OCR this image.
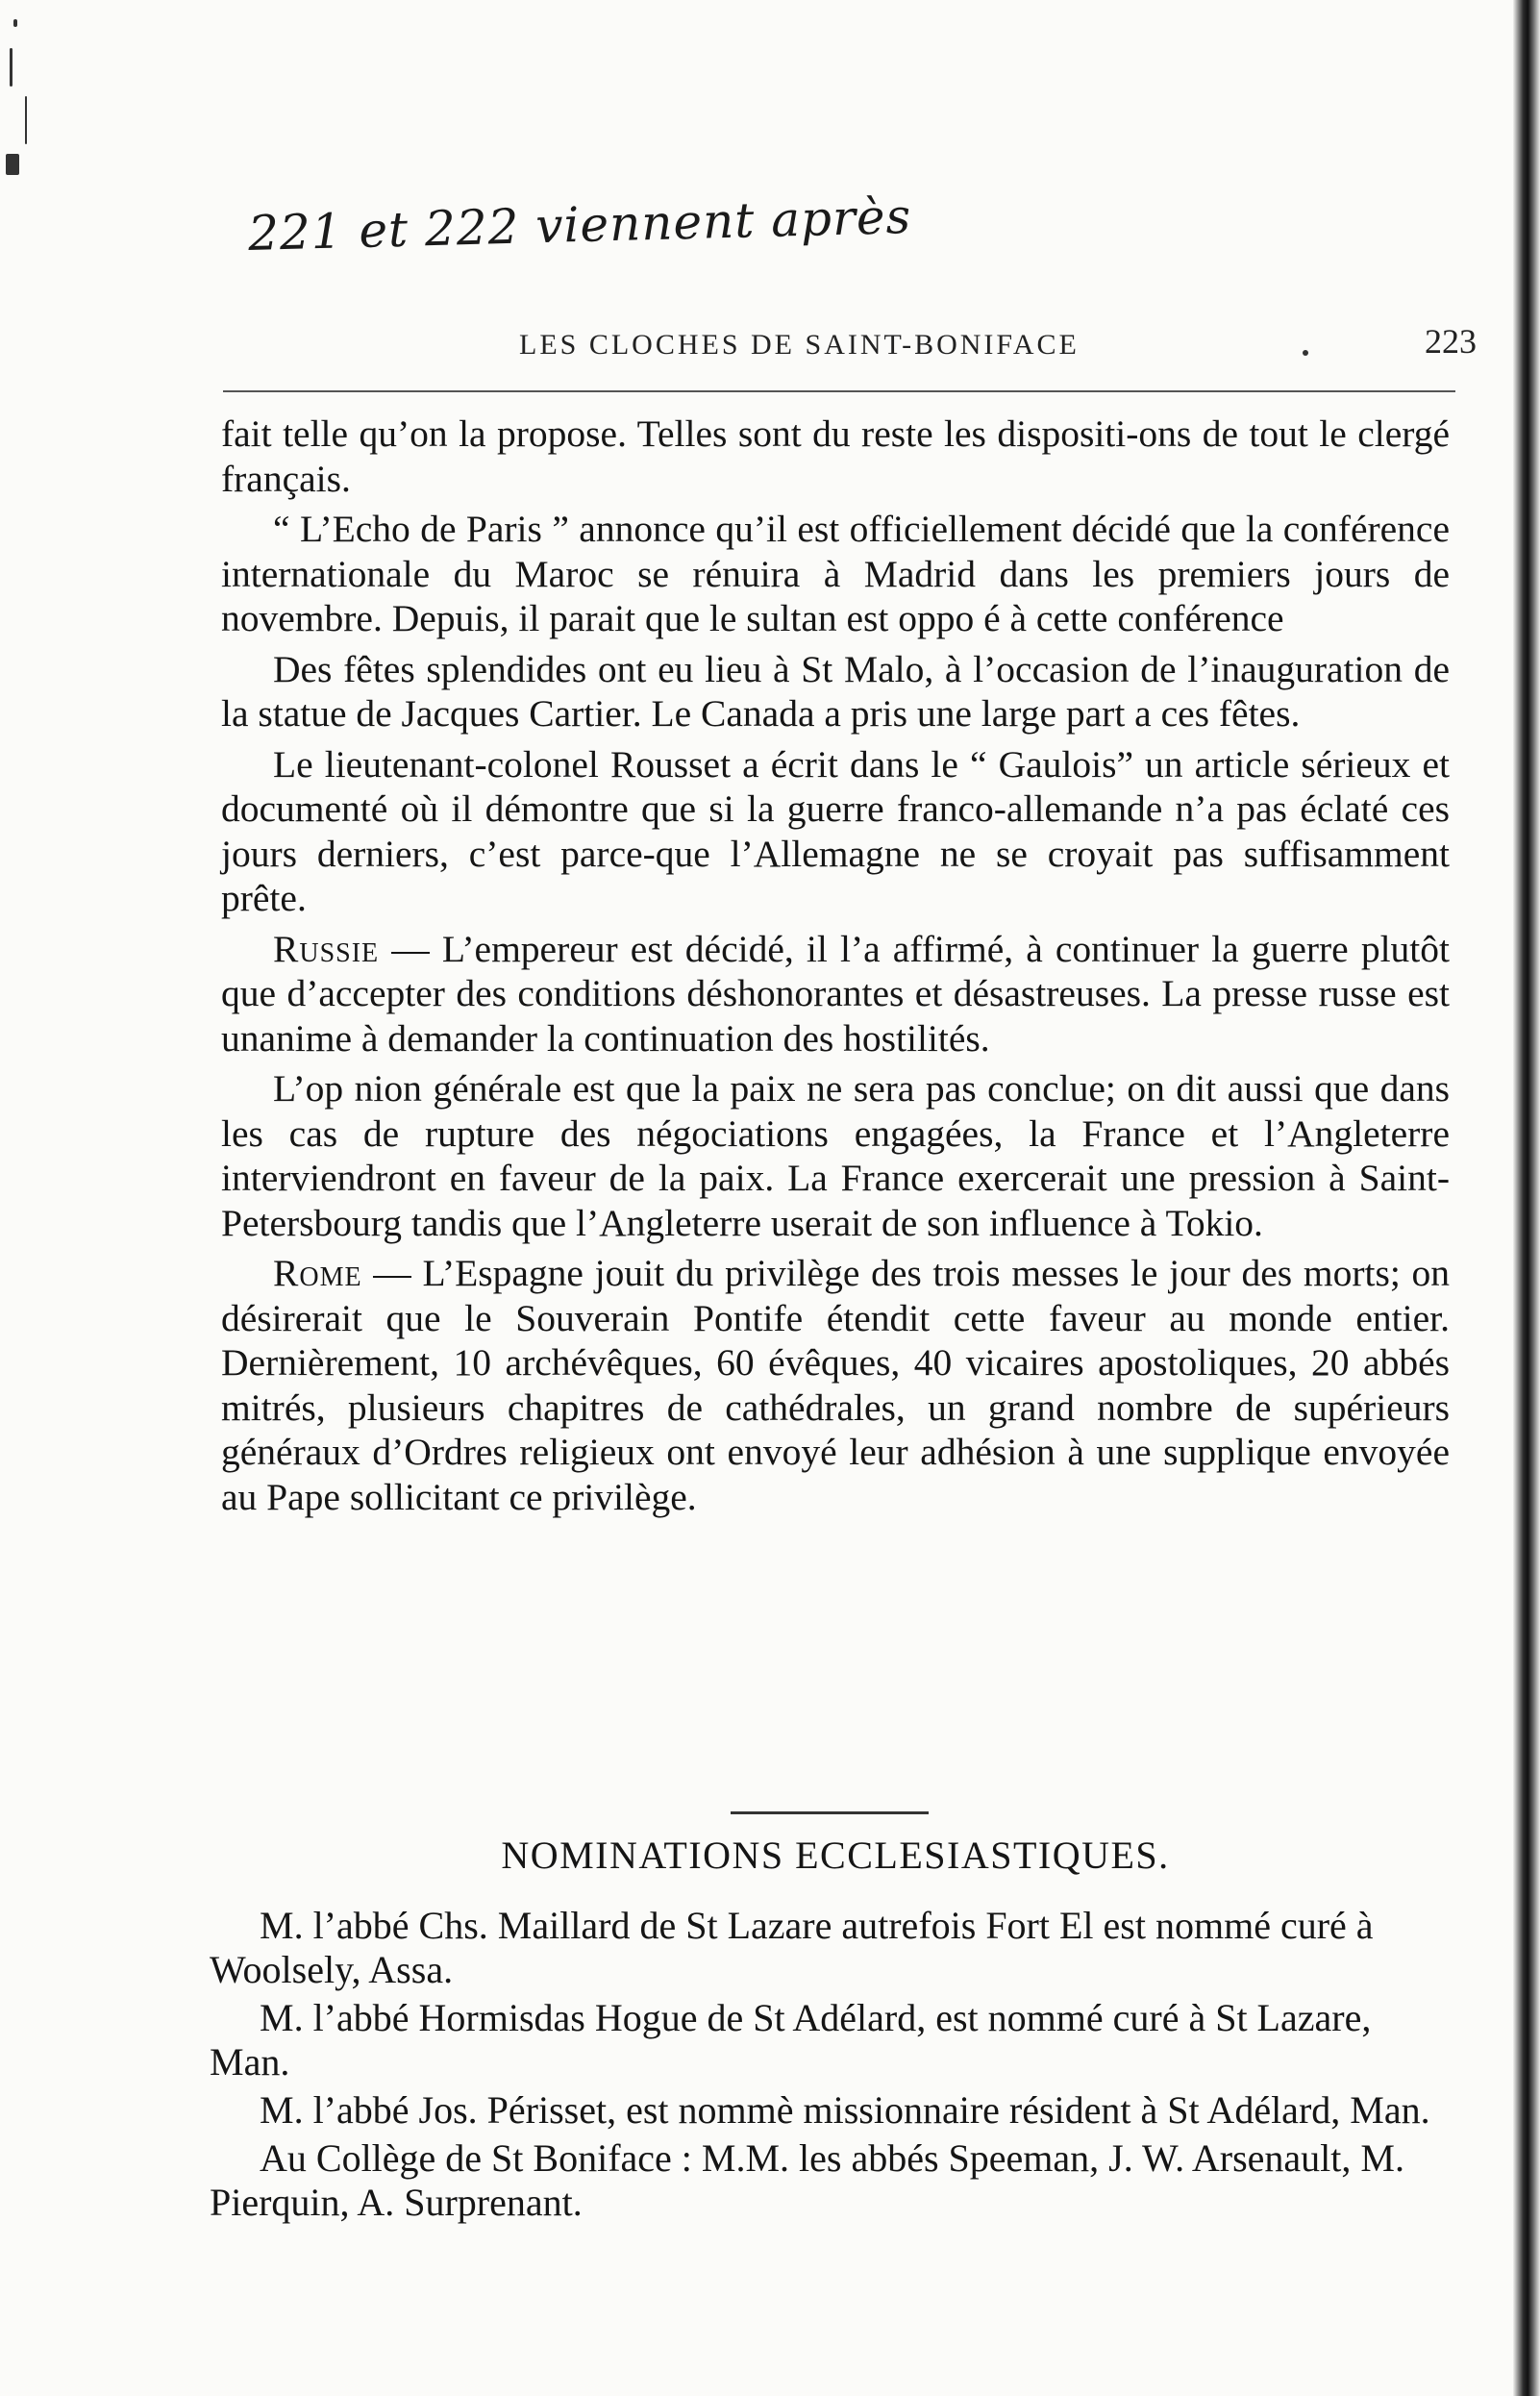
221 et 222 viennent après
LES CLOCHES DE SAINT-BONIFACE	223

fait telle qu’on la propose. Telles sont du reste les dispositi-ons de tout le clergé français.

“ L’Echo de Paris ” annonce qu’il est officiellement décidé que la conférence internationale du Maroc se rénuira à Madrid dans les premiers jours de novembre. Depuis, il parait que le sultan est oppo é à cette conférence

Des fêtes splendides ont eu lieu à St Malo, à l’occasion de l’inauguration de la statue de Jacques Cartier. Le Canada a pris une large part a ces fêtes.

Le lieutenant-colonel Rousset a écrit dans le “ Gaulois” un article sérieux et documenté où il démontre que si la guerre franco-allemande n’a pas éclaté ces jours derniers, c’est parce-que l’Allemagne ne se croyait pas suffisamment prête.

Russie — L’empereur est décidé, il l’a affirmé, à continuer la guerre plutôt que d’accepter des conditions déshonorantes et désastreuses. La presse russe est unanime à demander la continuation des hostilités.

L’op nion générale est que la paix ne sera pas conclue; on dit aussi que dans les cas de rupture des négociations engagées, la France et l’Angleterre interviendront en faveur de la paix. La France exercerait une pression à Saint-Petersbourg tandis que l’Angleterre userait de son influence à Tokio.

Rome — L’Espagne jouit du privilège des trois messes le jour des morts; on désirerait que le Souverain Pontife étendit cette faveur au monde entier. Dernièrement, 10 archévêques, 60 évêques, 40 vicaires apostoliques, 20 abbés mitrés, plusieurs chapitres de cathédrales, un grand nombre de supérieurs généraux d’Ordres religieux ont envoyé leur adhésion à une supplique envoyée au Pape sollicitant ce privilège.

NOMINATIONS ECCLESIASTIQUES.

M. l’abbé Chs. Maillard de St Lazare autrefois Fort El est nommé curé à Woolsely, Assa.

M. l’abbé Hormisdas Hogue de St Adélard, est nommé curé à St Lazare, Man.

M. l’abbé Jos. Périsset, est nommè missionnaire résident à St Adélard, Man.

Au Collège de St Boniface : M.M. les abbés Speeman, J. W. Arsenault, M. Pierquin, A. Surprenant.
